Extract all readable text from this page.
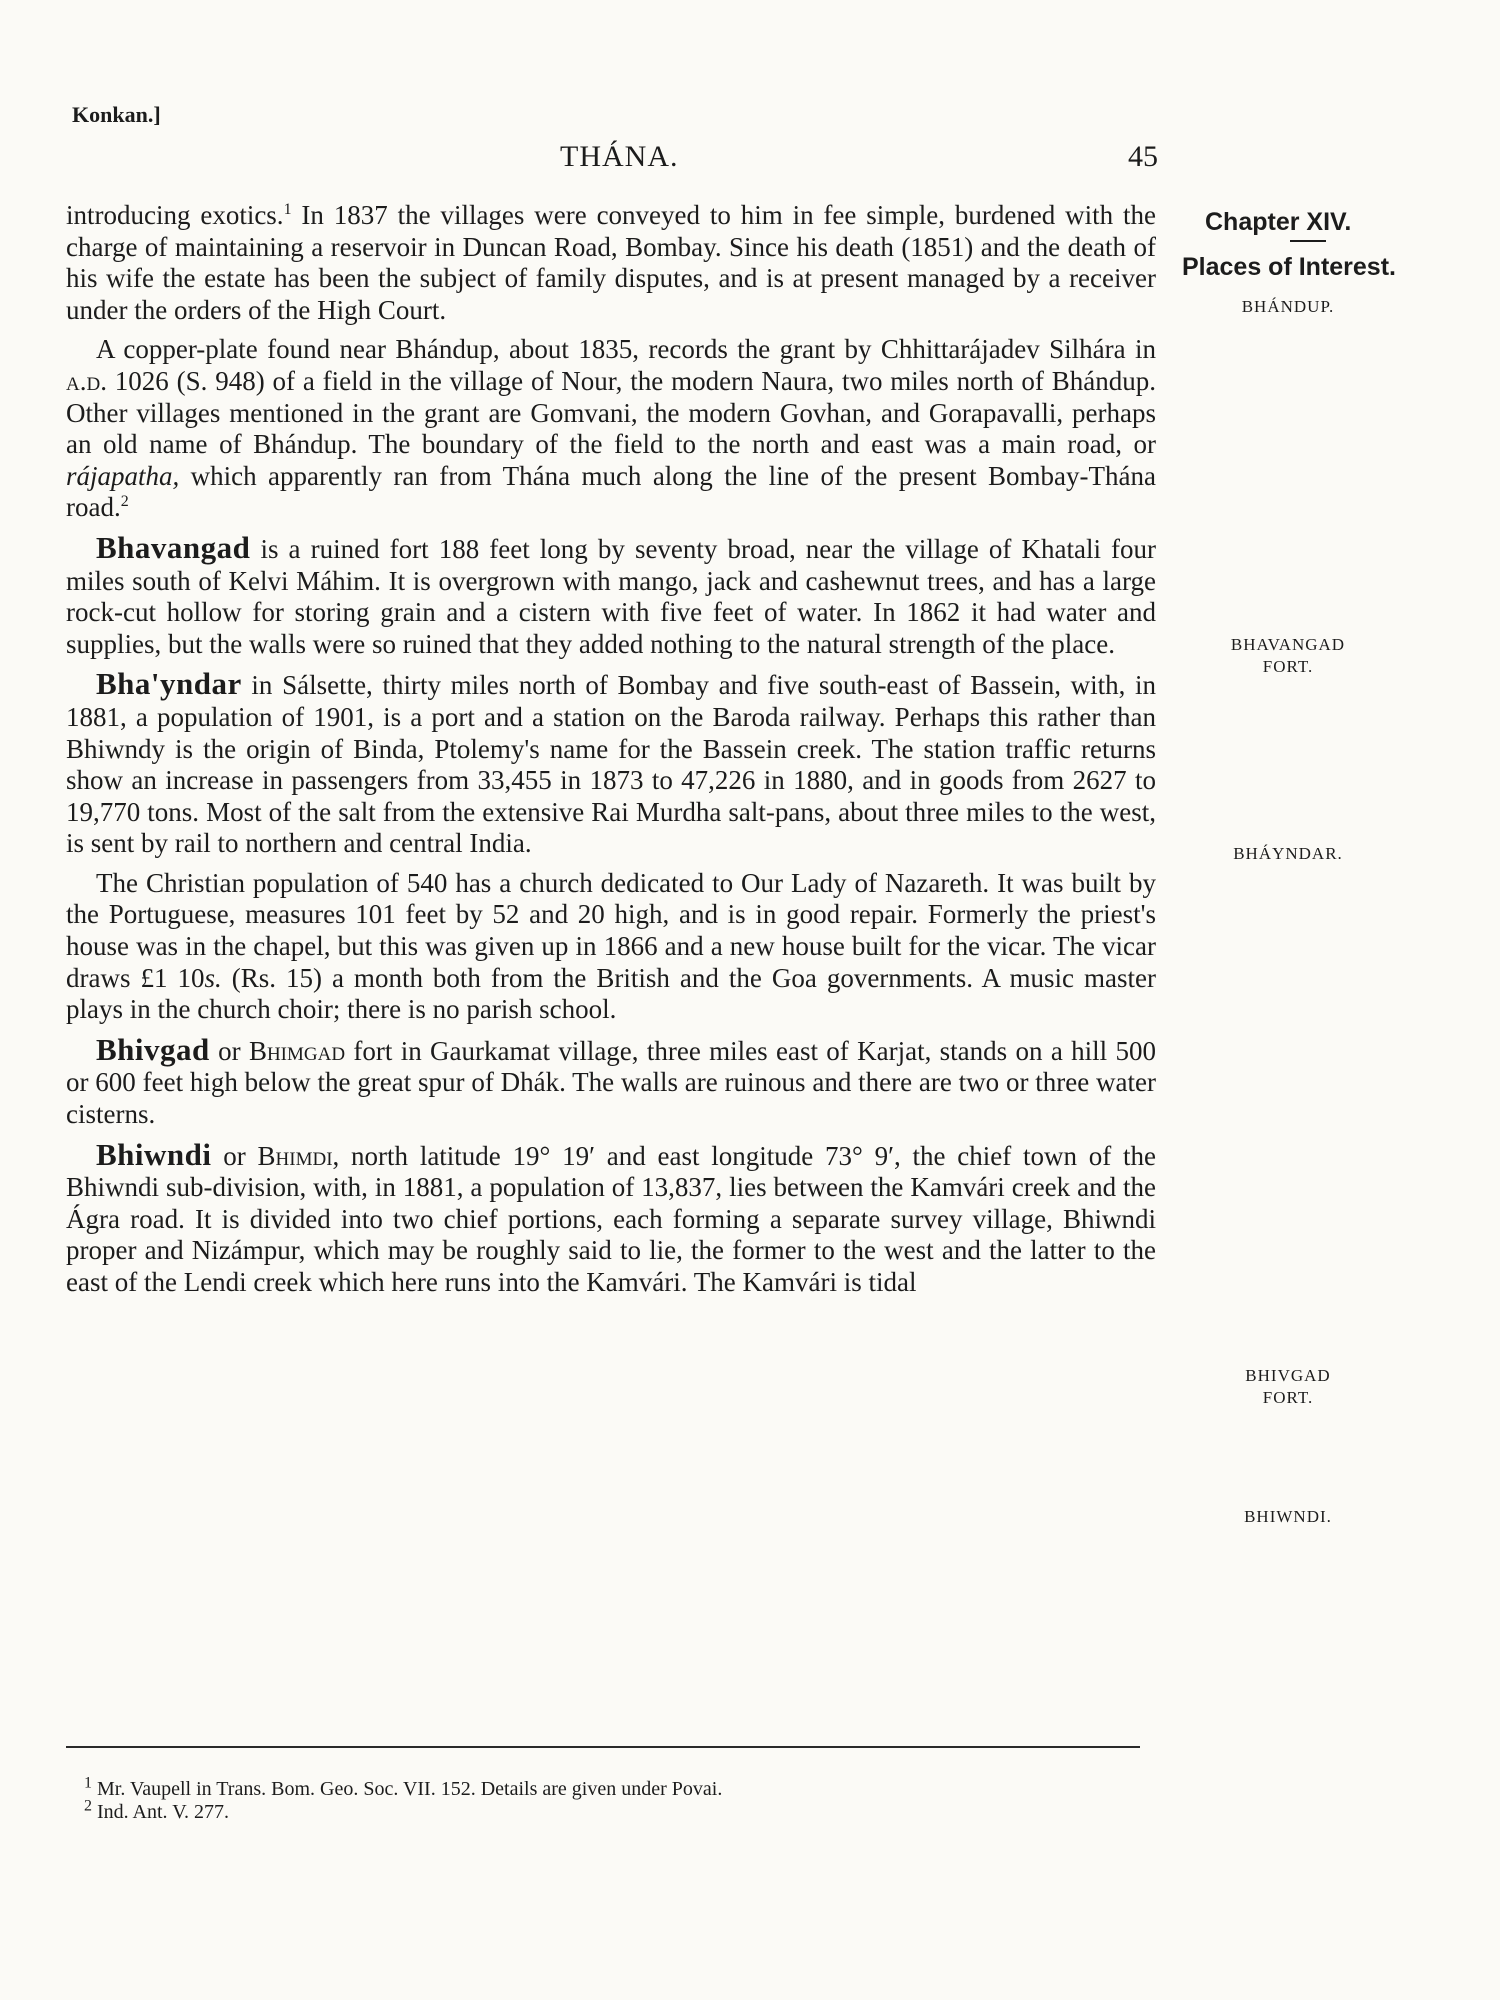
Konkan.]
THÁNA.	45
Chapter XIV.
Places of Interest.
BHÁNDUP.
BHAVANGAD
FORT.
BHÁYNDAR.
BHIVGAD
FORT.
BHIWNDI.

introducing exotics.$^1$ In 1837 the villages were conveyed to him in fee simple, burdened with the charge of maintaining a reservoir in Duncan Road, Bombay. Since his death (1851) and the death of his wife the estate has been the subject of family disputes, and is at present managed by a receiver under the orders of the High Court.

A copper-plate found near Bhándup, about 1835, records the grant by Chhittarájadev Silhára in a.d. 1026 (S. 948) of a field in the village of Nour, the modern Naura, two miles north of Bhándup. Other villages mentioned in the grant are Gomvani, the modern Govhan, and Gorapavalli, perhaps an old name of Bhándup. The boundary of the field to the north and east was a main road, or rájapatha, which apparently ran from Thána much along the line of the present Bombay-Thána road.$^2$

Bhavangad is a ruined fort 188 feet long by seventy broad, near the village of Khatali four miles south of Kelvi Máhim. It is overgrown with mango, jack and cashewnut trees, and has a large rock-cut hollow for storing grain and a cistern with five feet of water. In 1862 it had water and supplies, but the walls were so ruined that they added nothing to the natural strength of the place.

Bha'yndar in Sálsette, thirty miles north of Bombay and five south-east of Bassein, with, in 1881, a population of 1901, is a port and a station on the Baroda railway. Perhaps this rather than Bhiwndy is the origin of Binda, Ptolemy's name for the Bassein creek. The station traffic returns show an increase in passengers from 33,455 in 1873 to 47,226 in 1880, and in goods from 2627 to 19,770 tons. Most of the salt from the extensive Rai Murdha salt-pans, about three miles to the west, is sent by rail to northern and central India.

The Christian population of 540 has a church dedicated to Our Lady of Nazareth. It was built by the Portuguese, measures 101 feet by 52 and 20 high, and is in good repair. Formerly the priest's house was in the chapel, but this was given up in 1866 and a new house built for the vicar. The vicar draws £1 10s. (Rs. 15) a month both from the British and the Goa governments. A music master plays in the church choir; there is no parish school.

Bhivgad or Bhimgad fort in Gaurkamat village, three miles east of Karjat, stands on a hill 500 or 600 feet high below the great spur of Dhák. The walls are ruinous and there are two or three water cisterns.

Bhiwndi or Bhimdi, north latitude 19° 19′ and east longitude 73° 9′, the chief town of the Bhiwndi sub-division, with, in 1881, a population of 13,837, lies between the Kamvári creek and the Ágra road. It is divided into two chief portions, each forming a separate survey village, Bhiwndi proper and Nizámpur, which may be roughly said to lie, the former to the west and the latter to the east of the Lendi creek which here runs into the Kamvári. The Kamvári is tidal

$^1$ Mr. Vaupell in Trans. Bom. Geo. Soc. VII. 152. Details are given under Povai.
$^2$ Ind. Ant. V. 277.
